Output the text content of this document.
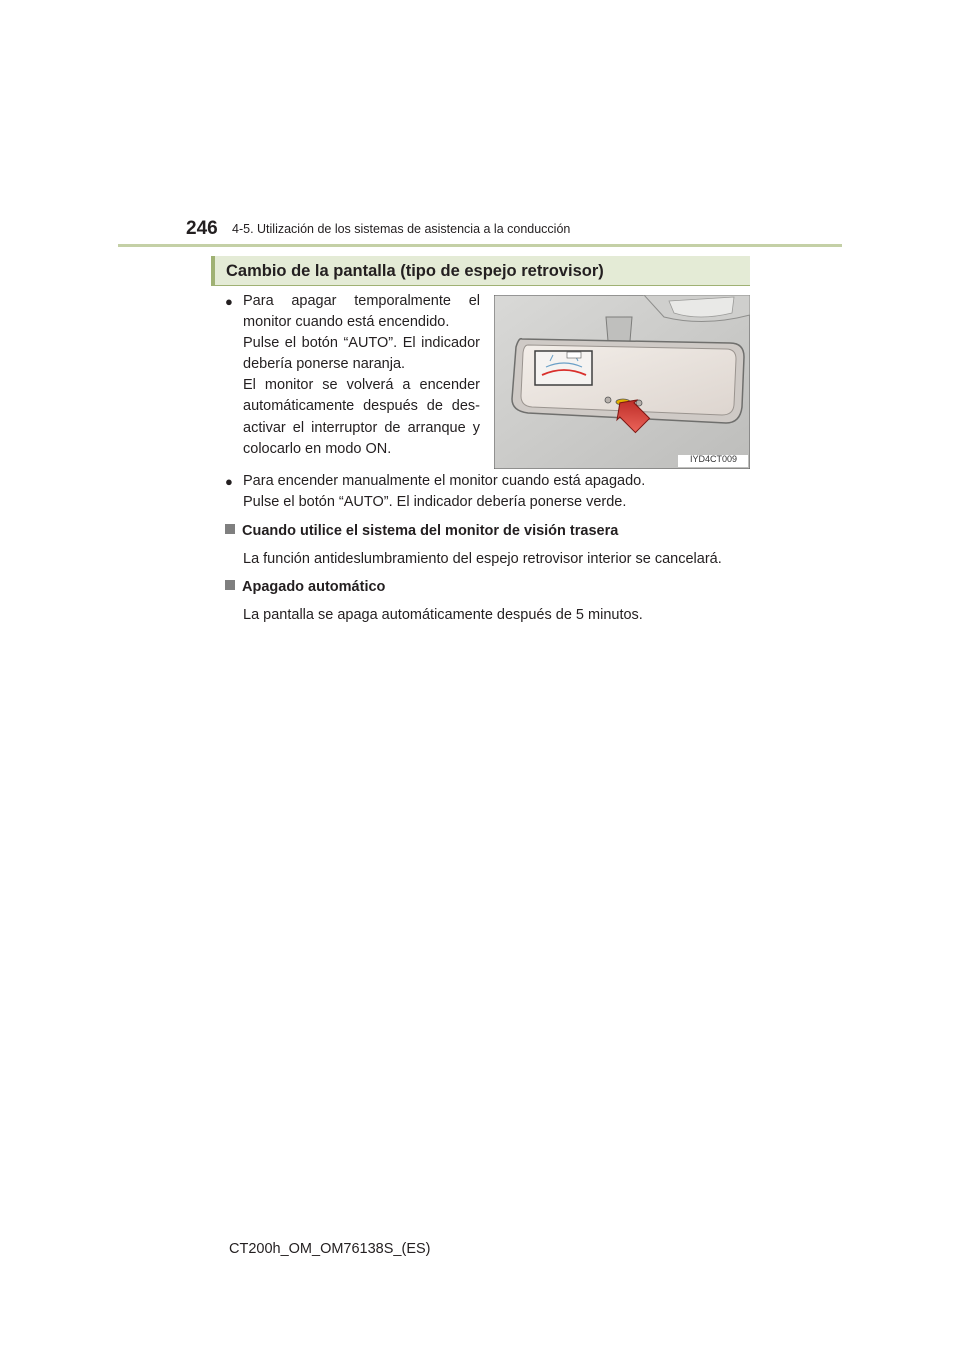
246 4-5. Utilización de los sistemas de asistencia a la conducción
Cambio de la pantalla (tipo de espejo retrovisor)
● Para apagar temporalmente el
monitor cuando está encendido.
Pulse el botón “AUTO”. El indicador
debería ponerse naranja.
El monitor se volverá a encender
automáticamente después de des-
activar el interruptor de arranque y
colocarlo en modo ON.
● Para encender manualmente el monitor cuando está apagado.
Pulse el botón “AUTO”. El indicador debería ponerse verde.
Cuando utilice el sistema del monitor de visión trasera
La función antideslumbramiento del espejo retrovisor interior se cancelará.
Apagado automático
La pantalla se apaga automáticamente después de 5 minutos.
IYD4CT009
CT200h_OM_OM76138S_(ES)
